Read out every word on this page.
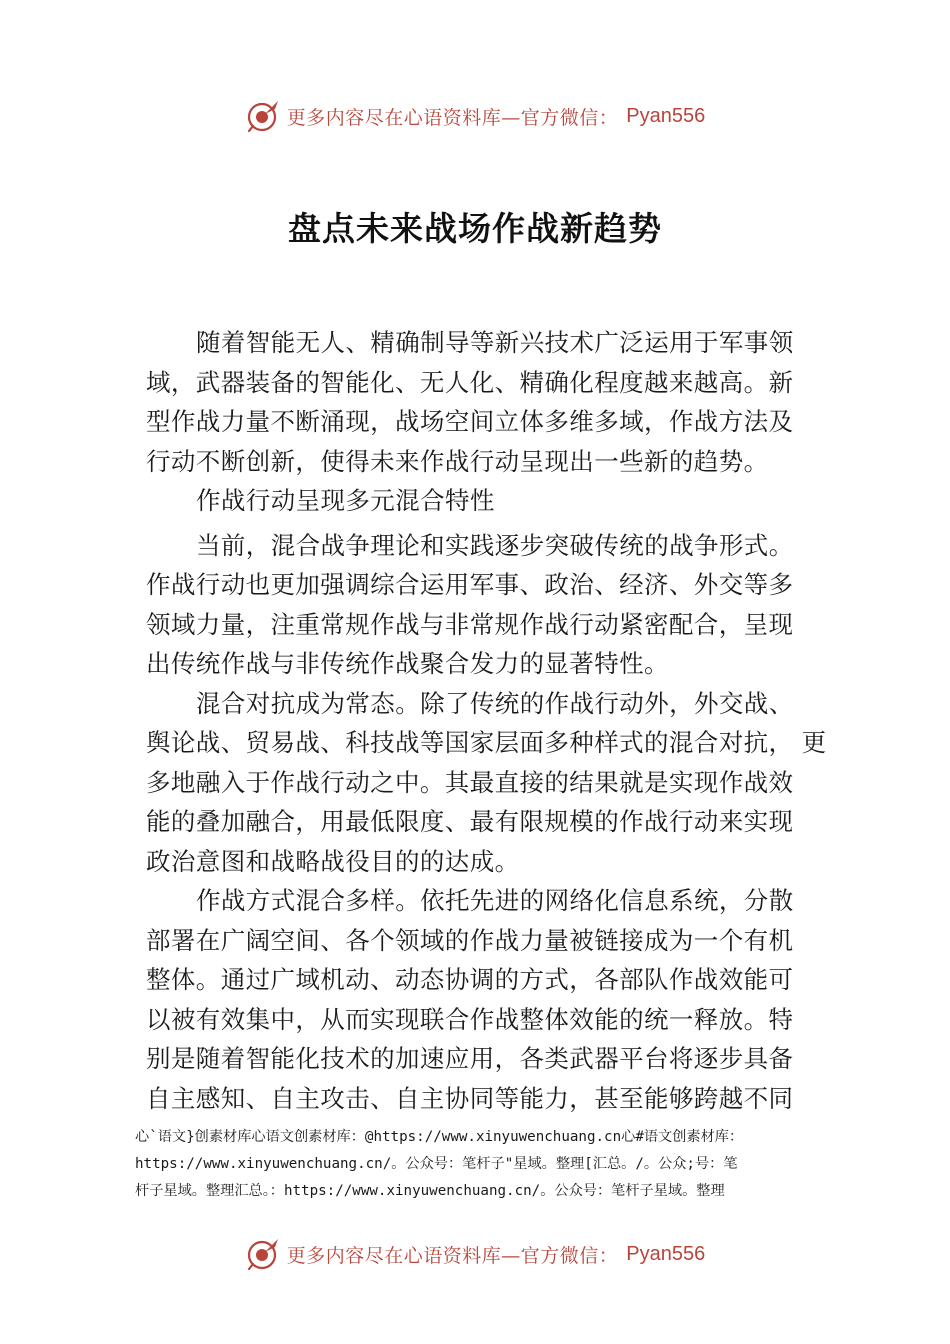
更多内容尽在心语资料库—官方微信： Pyan556
盘点未来战场作战新趋势
随着智能无人、精确制导等新兴技术广泛运用于军事领
域，武器装备的智能化、无人化、精确化程度越来越高。新
型作战力量不断涌现，战场空间立体多维多域，作战方法及
行动不断创新，使得未来作战行动呈现出一些新的趋势。
作战行动呈现多元混合特性
当前，混合战争理论和实践逐步突破传统的战争形式。
作战行动也更加强调综合运用军事、政治、经济、外交等多
领域力量，注重常规作战与非常规作战行动紧密配合，呈现
出传统作战与非传统作战聚合发力的显著特性。
混合对抗成为常态。除了传统的作战行动外，外交战、
舆论战、贸易战、科技战等国家层面多种样式的混合对抗， 更
多地融入于作战行动之中。其最直接的结果就是实现作战效
能的叠加融合，用最低限度、最有限规模的作战行动来实现
政治意图和战略战役目的的达成。
作战方式混合多样。依托先进的网络化信息系统，分散
部署在广阔空间、各个领域的作战力量被链接成为一个有机
整体。通过广域机动、动态协调的方式，各部队作战效能可
以被有效集中，从而实现联合作战整体效能的统一释放。特
别是随着智能化技术的加速应用，各类武器平台将逐步具备
自主感知、自主攻击、自主协同等能力，甚至能够跨越不同
心`语文}创素材库心语文创素材库：@https://www.xinyuwenchuang.cn心#语文创素材库：
https://www.xinyuwenchuang.cn/。公众号：笔杆子"星域。整理[汇总。/。公众;号：笔
杆子星域。整理汇总。：https://www.xinyuwenchuang.cn/。公众号：笔杆子星域。整理
更多内容尽在心语资料库—官方微信： Pyan556
